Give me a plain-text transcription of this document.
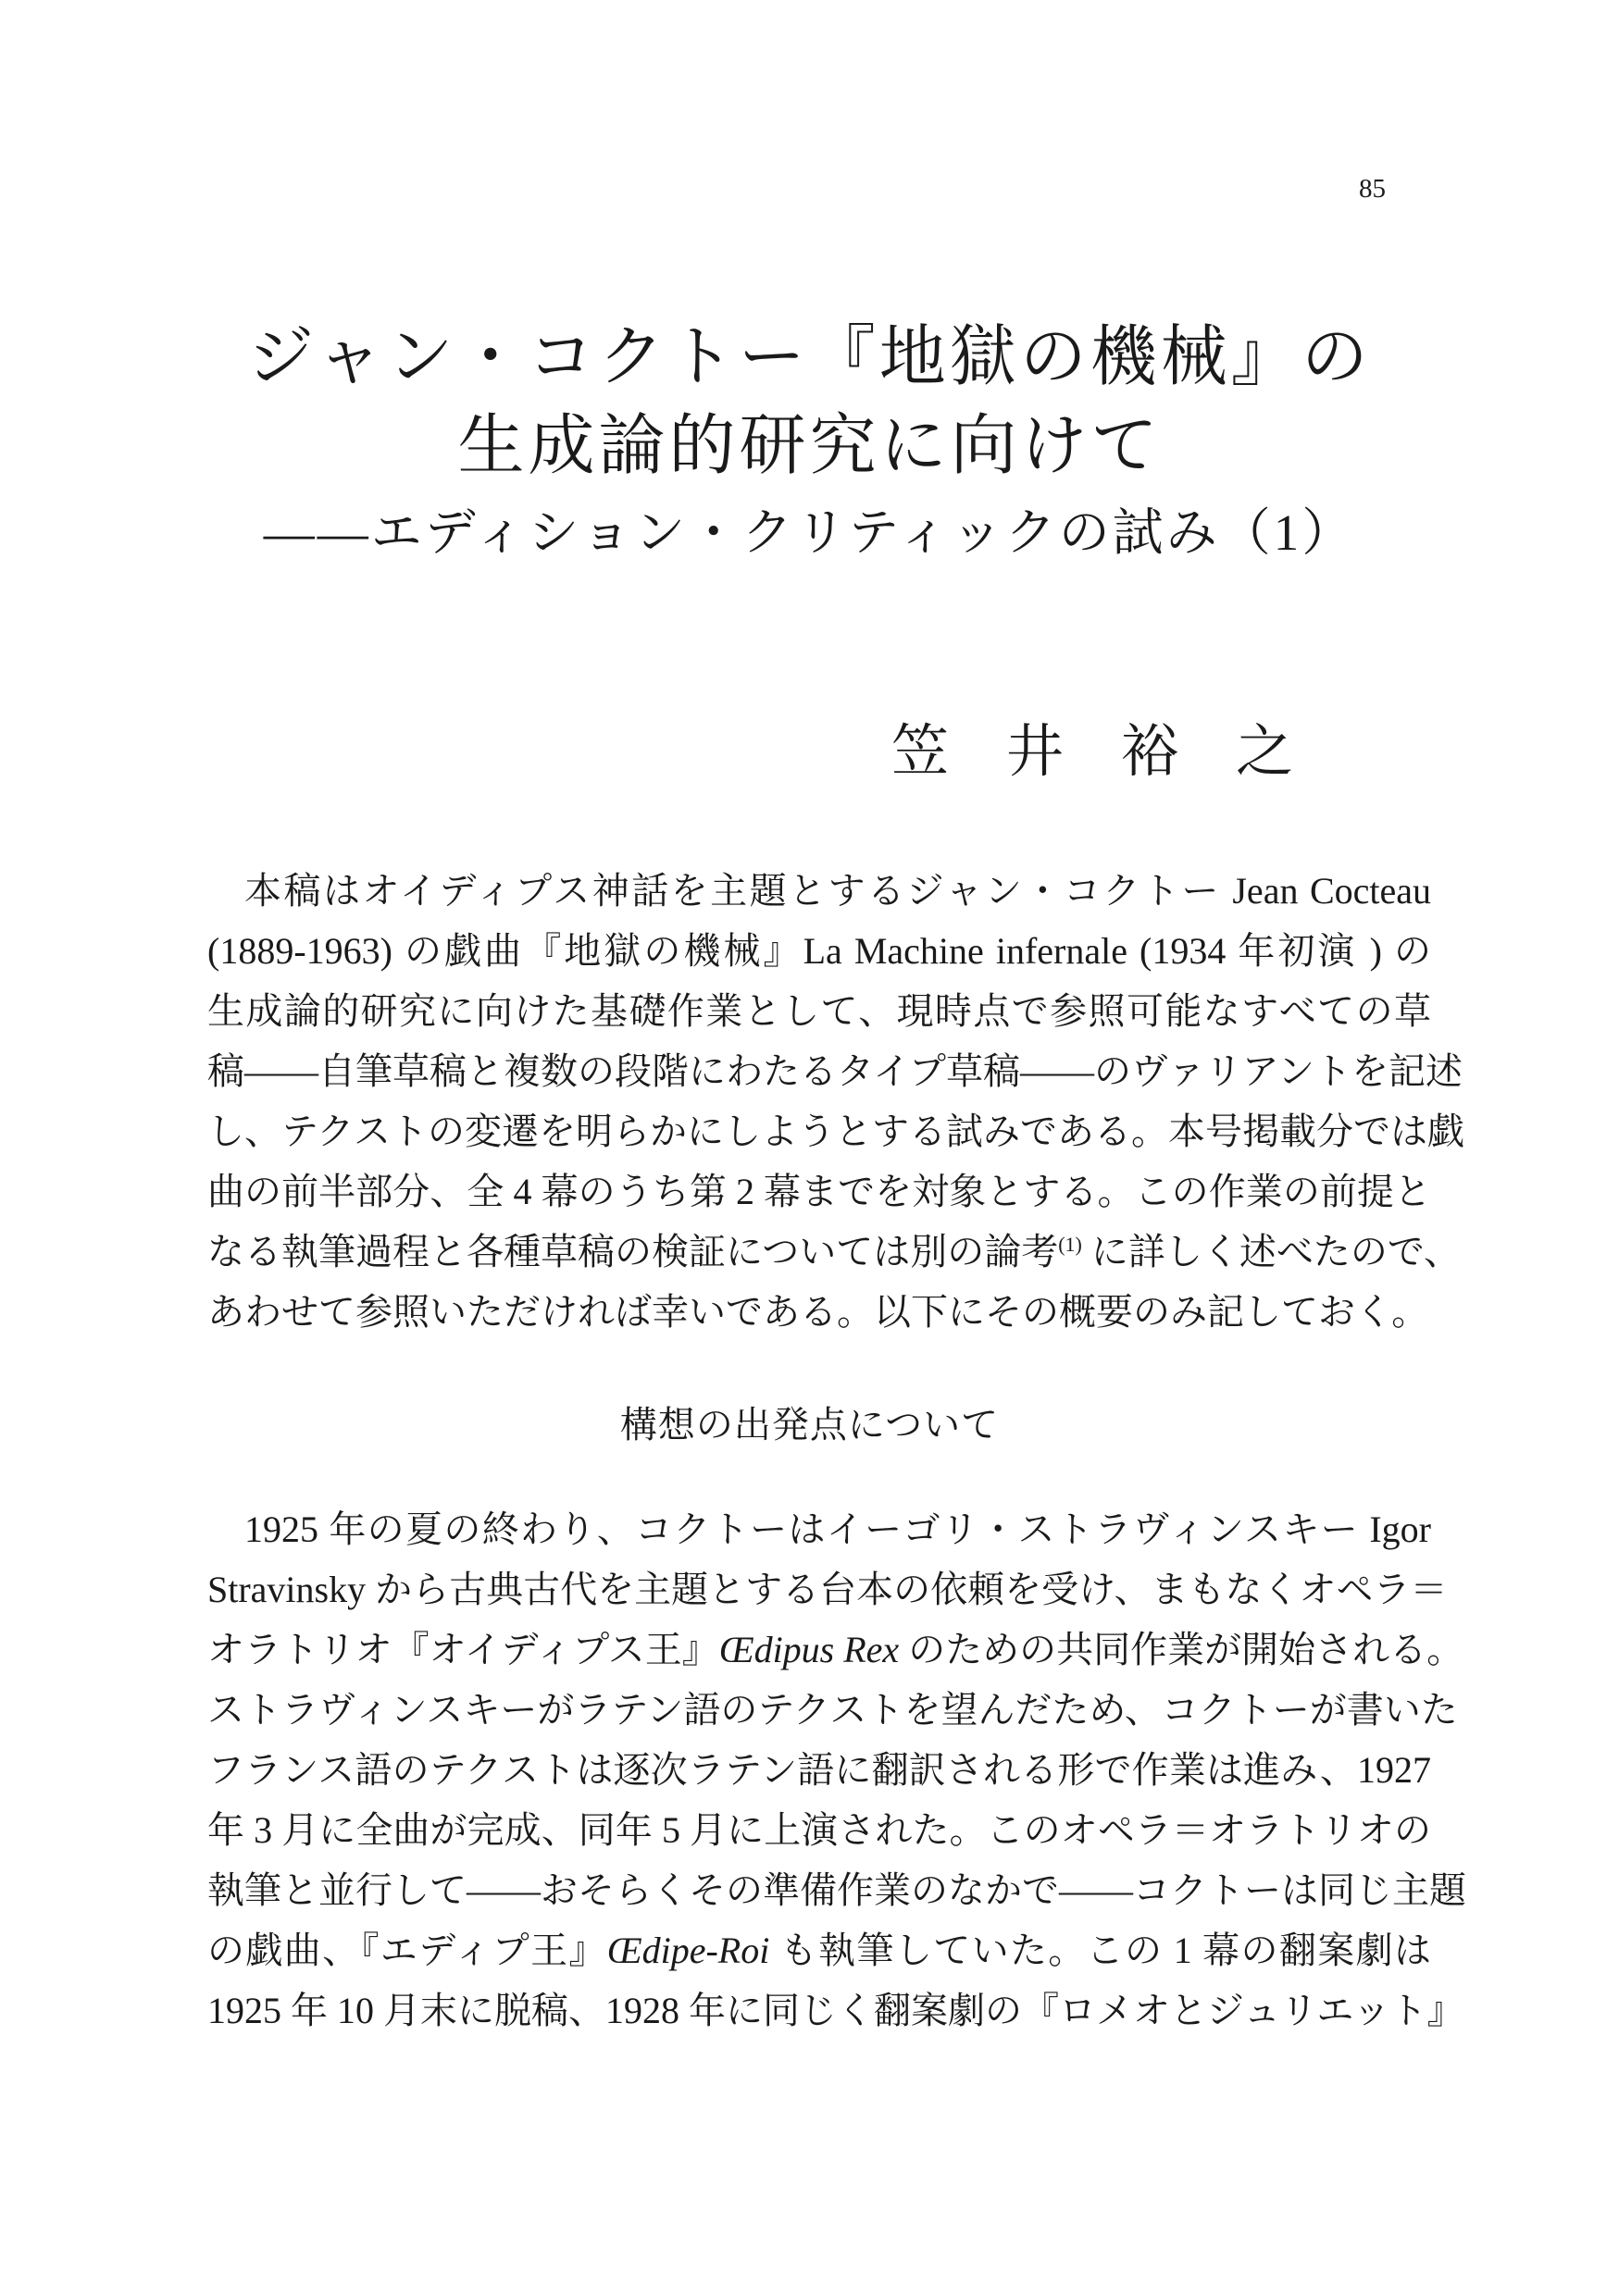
85
ジャン・コクトー『地獄の機械』の
生成論的研究に向けて
――エディション・クリティックの試み（1）
笠井裕之
本稿はオイディプス神話を主題とするジャン・コクトー Jean Cocteau
(1889-1963) の戯曲『地獄の機械』La Machine infernale (1934 年初演 ) の
生成論的研究に向けた基礎作業として、現時点で参照可能なすべての草
稿――自筆草稿と複数の段階にわたるタイプ草稿――のヴァリアントを記述
し、テクストの変遷を明らかにしようとする試みである。本号掲載分では戯
曲の前半部分、全 4 幕のうち第 2 幕までを対象とする。この作業の前提と
なる執筆過程と各種草稿の検証については別の論考$^{(1)}$ に詳しく述べたので、
あわせて参照いただければ幸いである。以下にその概要のみ記しておく。
構想の出発点について
1925 年の夏の終わり、コクトーはイーゴリ・ストラヴィンスキー Igor
Stravinsky から古典古代を主題とする台本の依頼を受け、まもなくオペラ＝
オラトリオ『オイディプス王』Œdipus Rex のための共同作業が開始される。
ストラヴィンスキーがラテン語のテクストを望んだため、コクトーが書いた
フランス語のテクストは逐次ラテン語に翻訳される形で作業は進み、1927
年 3 月に全曲が完成、同年 5 月に上演された。このオペラ＝オラトリオの
執筆と並行して――おそらくその準備作業のなかで――コクトーは同じ主題
の戯曲、『エディプ王』Œdipe-Roi も執筆していた。この 1 幕の翻案劇は
1925 年 10 月末に脱稿、1928 年に同じく翻案劇の『ロメオとジュリエット』
